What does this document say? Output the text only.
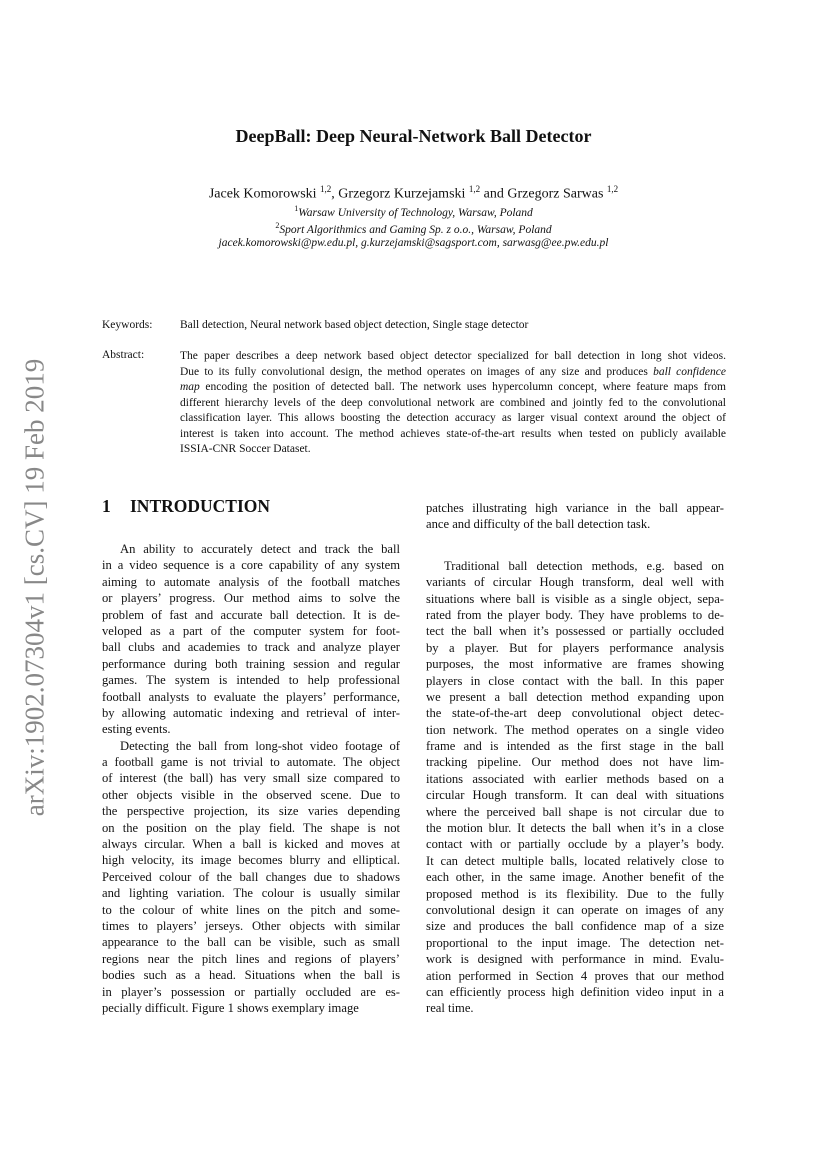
arXiv:1902.07304v1 [cs.CV] 19 Feb 2019
DeepBall: Deep Neural-Network Ball Detector
Jacek Komorowski $^{1,2}$, Grzegorz Kurzejamski $^{1,2}$ and Grzegorz Sarwas $^{1,2}$
$^1$Warsaw University of Technology, Warsaw, Poland
$^2$Sport Algorithmics and Gaming Sp. z o.o., Warsaw, Poland
jacek.komorowski@pw.edu.pl, g.kurzejamski@sagsport.com, sarwasg@ee.pw.edu.pl
Keywords: Ball detection, Neural network based object detection, Single stage detector
Abstract:	The paper describes a deep network based object detector specialized for ball detection in long shot videos.
Due to its fully convolutional design, the method operates on images of any size and produces ball confidence
map encoding the position of detected ball. The network uses hypercolumn concept, where feature maps from
different hierarchy levels of the deep convolutional network are combined and jointly fed to the convolutional
classification layer. This allows boosting the detection accuracy as larger visual context around the object of
interest is taken into account. The method achieves state-of-the-art results when tested on publicly available
ISSIA-CNR Soccer Dataset.
1 INTRODUCTION
An ability to accurately detect and track the ball
in a video sequence is a core capability of any system
aiming to automate analysis of the football matches
or players’ progress. Our method aims to solve the
problem of fast and accurate ball detection. It is de-
veloped as a part of the computer system for foot-
ball clubs and academies to track and analyze player
performance during both training session and regular
games. The system is intended to help professional
football analysts to evaluate the players’ performance,
by allowing automatic indexing and retrieval of inter-
esting events.
Detecting the ball from long-shot video footage of
a football game is not trivial to automate. The object
of interest (the ball) has very small size compared to
other objects visible in the observed scene. Due to
the perspective projection, its size varies depending
on the position on the play field. The shape is not
always circular. When a ball is kicked and moves at
high velocity, its image becomes blurry and elliptical.
Perceived colour of the ball changes due to shadows
and lighting variation. The colour is usually similar
to the colour of white lines on the pitch and some-
times to players’ jerseys. Other objects with similar
appearance to the ball can be visible, such as small
regions near the pitch lines and regions of players’
bodies such as a head. Situations when the ball is
in player’s possession or partially occluded are es-
pecially difficult. Figure 1 shows exemplary image
patches illustrating high variance in the ball appear-
ance and difficulty of the ball detection task.
Traditional ball detection methods, e.g. based on
variants of circular Hough transform, deal well with
situations where ball is visible as a single object, sepa-
rated from the player body. They have problems to de-
tect the ball when it’s possessed or partially occluded
by a player. But for players performance analysis
purposes, the most informative are frames showing
players in close contact with the ball. In this paper
we present a ball detection method expanding upon
the state-of-the-art deep convolutional object detec-
tion network. The method operates on a single video
frame and is intended as the first stage in the ball
tracking pipeline. Our method does not have lim-
itations associated with earlier methods based on a
circular Hough transform. It can deal with situations
where the perceived ball shape is not circular due to
the motion blur. It detects the ball when it’s in a close
contact with or partially occlude by a player’s body.
It can detect multiple balls, located relatively close to
each other, in the same image. Another benefit of the
proposed method is its flexibility. Due to the fully
convolutional design it can operate on images of any
size and produces the ball confidence map of a size
proportional to the input image. The detection net-
work is designed with performance in mind. Evalu-
ation performed in Section 4 proves that our method
can efficiently process high definition video input in a
real time.
